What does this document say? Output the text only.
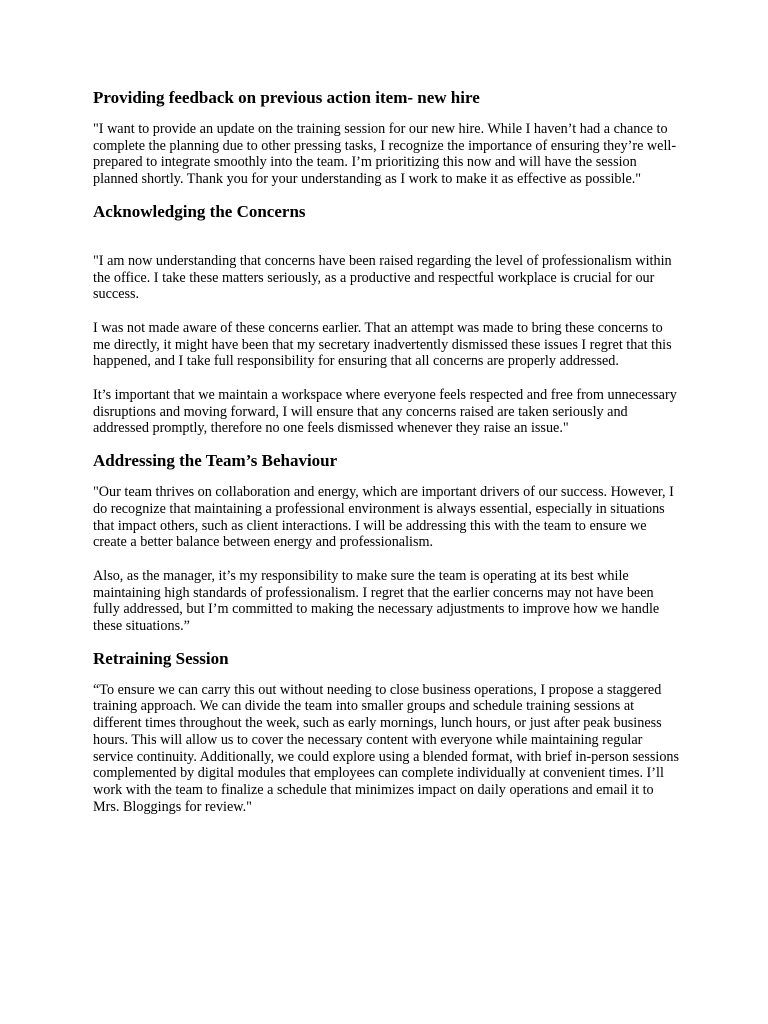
Providing feedback on previous action item- new hire

"I want to provide an update on the training session for our new hire. While I haven’t had a chance to complete the planning due to other pressing tasks, I recognize the importance of ensuring they’re well-prepared to integrate smoothly into the team. I’m prioritizing this now and will have the session planned shortly. Thank you for your understanding as I work to make it as effective as possible."

Acknowledging the Concerns

"I am now understanding that concerns have been raised regarding the level of professionalism within the office. I take these matters seriously, as a productive and respectful workplace is crucial for our success.

I was not made aware of these concerns earlier. That an attempt was made to bring these concerns to me directly, it might have been that my secretary inadvertently dismissed these issues I regret that this happened, and I take full responsibility for ensuring that all concerns are properly addressed.

It’s important that we maintain a workspace where everyone feels respected and free from unnecessary disruptions and moving forward, I will ensure that any concerns raised are taken seriously and addressed promptly, therefore no one feels dismissed whenever they raise an issue."

Addressing the Team’s Behaviour

"Our team thrives on collaboration and energy, which are important drivers of our success. However, I do recognize that maintaining a professional environment is always essential, especially in situations that impact others, such as client interactions. I will be addressing this with the team to ensure we create a better balance between energy and professionalism.

Also, as the manager, it’s my responsibility to make sure the team is operating at its best while maintaining high standards of professionalism. I regret that the earlier concerns may not have been fully addressed, but I’m committed to making the necessary adjustments to improve how we handle these situations.”

Retraining Session

“To ensure we can carry this out without needing to close business operations, I propose a staggered training approach. We can divide the team into smaller groups and schedule training sessions at different times throughout the week, such as early mornings, lunch hours, or just after peak business hours. This will allow us to cover the necessary content with everyone while maintaining regular service continuity. Additionally, we could explore using a blended format, with brief in-person sessions complemented by digital modules that employees can complete individually at convenient times. I’ll work with the team to finalize a schedule that minimizes impact on daily operations and email it to Mrs. Bloggings for review."
